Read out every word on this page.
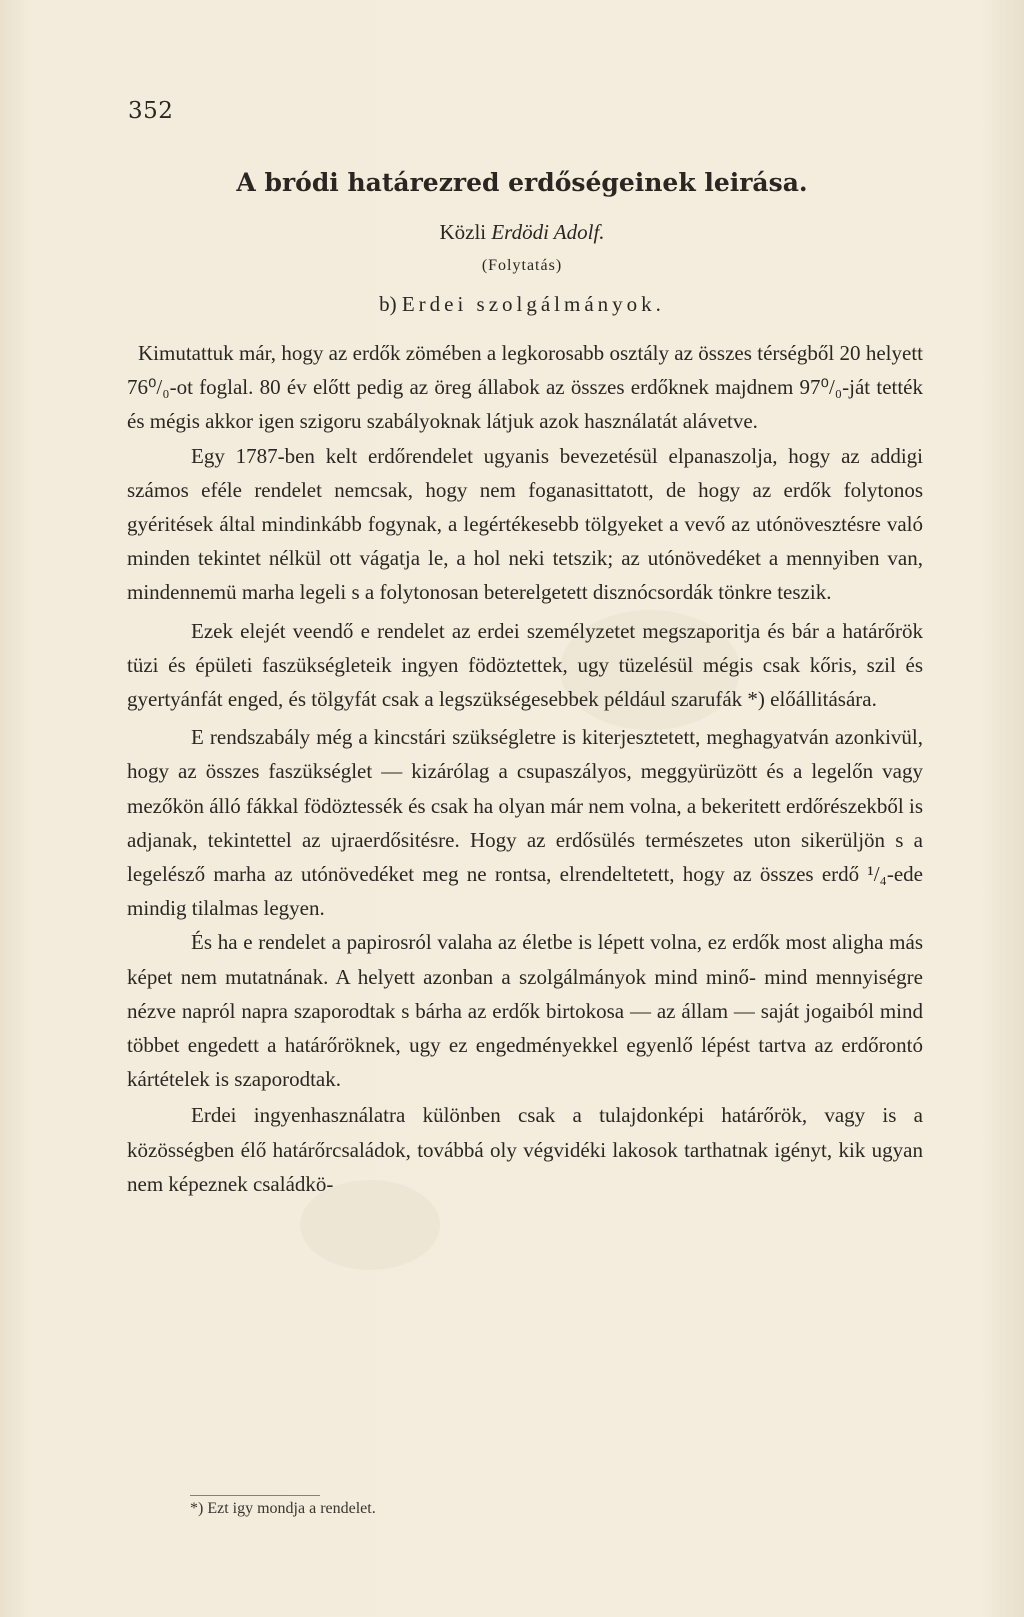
352
A bródi határezred erdőségeinek leirása.
Közli Erdödi Adolf.
(Folytatás)
b) Erdei szolgálmányok.

Kimutattuk már, hogy az erdők zömében a legkorosabb osztály az összes térségből 20 helyett 76⁰/₀-ot foglal. 80 év előtt pedig az öreg állabok az összes erdőknek majdnem 97⁰/₀-ját tették és mégis akkor igen szigoru szabályoknak látjuk azok használatát alávetve.

Egy 1787-ben kelt erdőrendelet ugyanis bevezetésül elpanaszolja, hogy az addigi számos eféle rendelet nemcsak, hogy nem foganasittatott, de hogy az erdők folytonos gyéritések által mindinkább fogynak, a legértékesebb tölgyeket a vevő az utónövesztésre való minden tekintet nélkül ott vágatja le, a hol neki tetszik; az utónövedéket a mennyiben van, mindennemü marha legeli s a folytonosan beterelgetett disznócsordák tönkre teszik.

Ezek elejét veendő e rendelet az erdei személyzetet megszaporitja és bár a határőrök tüzi és épületi faszükségleteik ingyen födöztettek, ugy tüzelésül mégis csak kőris, szil és gyertyánfát enged, és tölgyfát csak a legszükségesebbek például szarufák *) előállitására.

E rendszabály még a kincstári szükségletre is kiterjesztetett, meghagyatván azonkivül, hogy az összes faszükséglet — kizárólag a csupaszályos, meggyürüzött és a legelőn vagy mezőkön álló fákkal födöztessék és csak ha olyan már nem volna, a bekeritett erdőrészekből is adjanak, tekintettel az ujraerdősitésre. Hogy az erdősülés természetes uton sikerüljön s a legelésző marha az utónövedéket meg ne rontsa, elrendeltetett, hogy az összes erdő ¹/₄-ede mindig tilalmas legyen.

És ha e rendelet a papirosról valaha az életbe is lépett volna, ez erdők most aligha más képet nem mutatnának. A helyett azonban a szolgálmányok mind minő- mind mennyiségre nézve napról napra szaporodtak s bárha az erdők birtokosa — az állam — saját jogaiból mind többet engedett a határőröknek, ugy ez engedményekkel egyenlő lépést tartva az erdőrontó kártételek is szaporodtak.

Erdei ingyenhasználatra különben csak a tulajdonképi határőrök, vagy is a közösségben élő határőrcsaládok, továbbá oly végvidéki lakosok tarthatnak igényt, kik ugyan nem képeznek családkö-

*) Ezt igy mondja a rendelet.
